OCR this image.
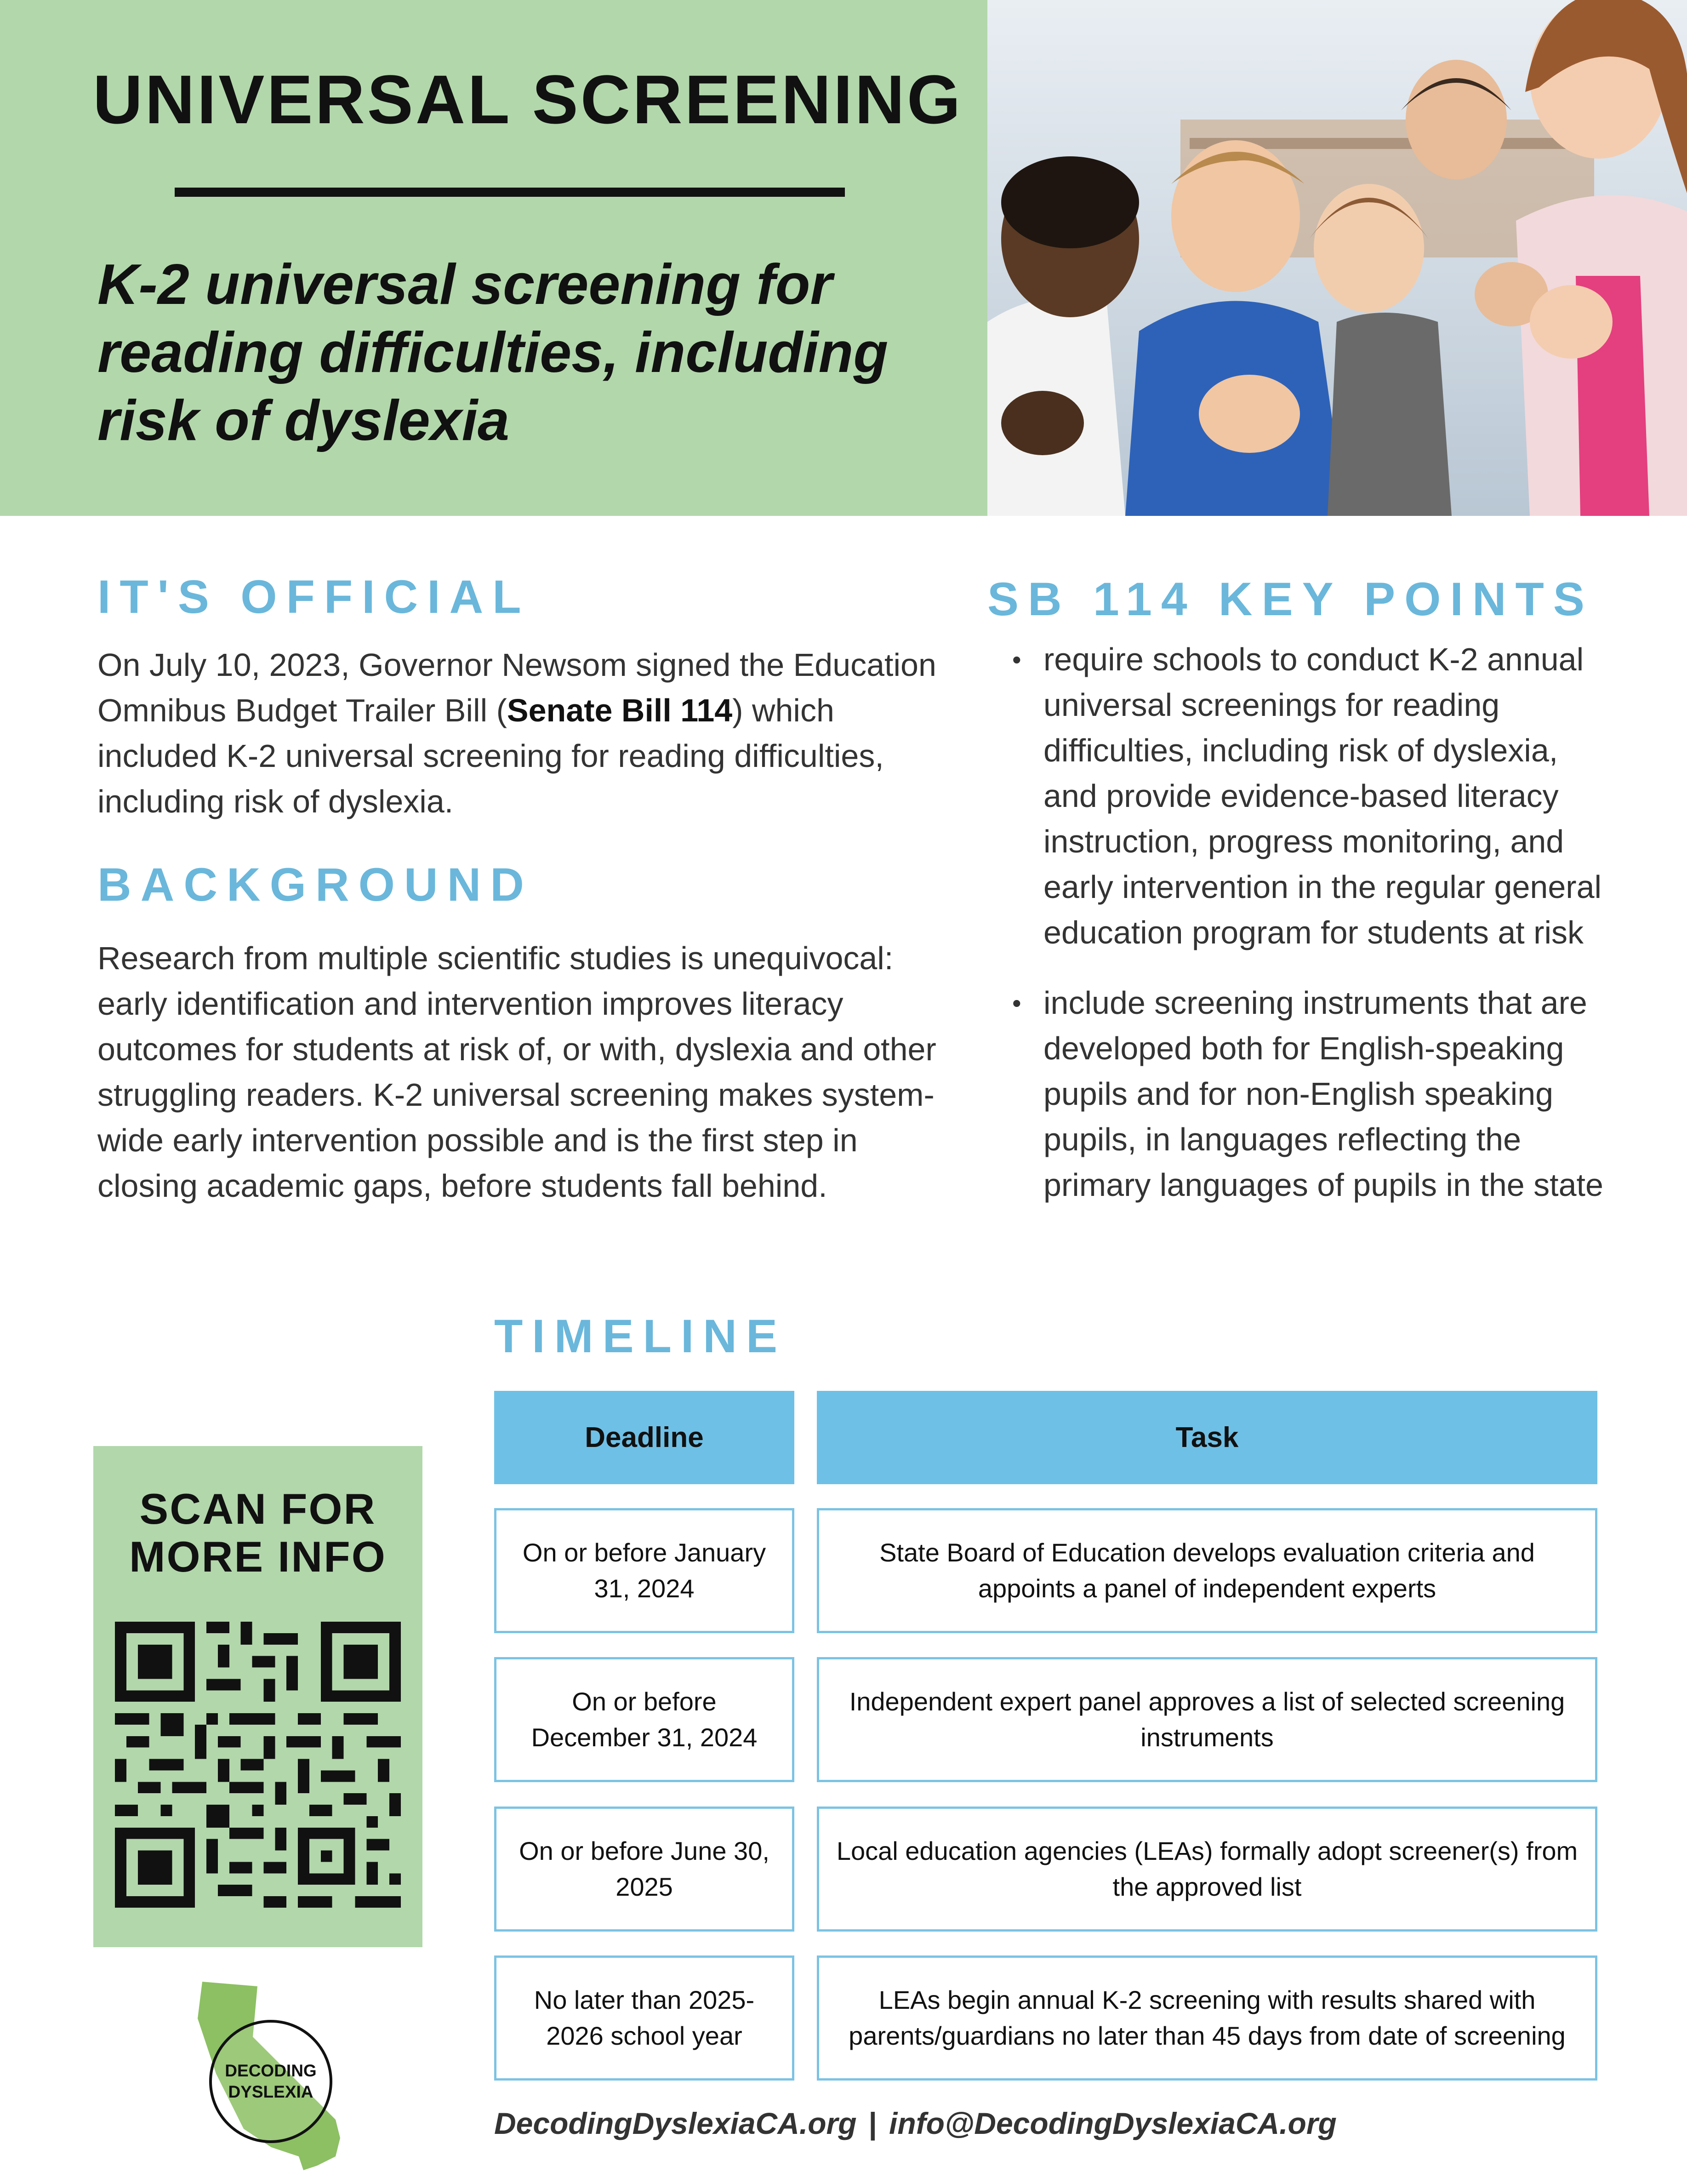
UNIVERSAL SCREENING
K-2 universal screening for reading difficulties, including risk of dyslexia
IT'S OFFICIAL
On July 10, 2023, Governor Newsom signed the Education Omnibus Budget Trailer Bill (Senate Bill 114) which included K-2 universal screening for reading difficulties, including risk of dyslexia.
BACKGROUND
Research from multiple scientific studies is unequivocal: early identification and intervention improves literacy outcomes for students at risk of, or with, dyslexia and other struggling readers. K-2 universal screening makes system-wide early intervention possible and is the first step in closing academic gaps, before students fall behind.
SB 114 KEY POINTS
• require schools to conduct K-2 annual universal screenings for reading difficulties, including risk of dyslexia, and provide evidence-based literacy instruction, progress monitoring, and early intervention in the regular general education program for students at risk
• include screening instruments that are developed both for English-speaking pupils and for non-English speaking pupils, in languages reflecting the primary languages of pupils in the state
TIMELINE
Deadline	Task
On or before January 31, 2024
State Board of Education develops evaluation criteria and appoints a panel of independent experts
On or before December 31, 2024
Independent expert panel approves a list of selected screening instruments
On or before June 30, 2025
Local education agencies (LEAs) formally adopt screener(s) from the approved list
No later than 2025-2026 school year
LEAs begin annual K-2 screening with results shared with parents/guardians no later than 45 days from date of screening
SCAN FOR
MORE INFO
DECODING
DYSLEXIA
DecodingDyslexiaCA.org | info@DecodingDyslexiaCA.org
